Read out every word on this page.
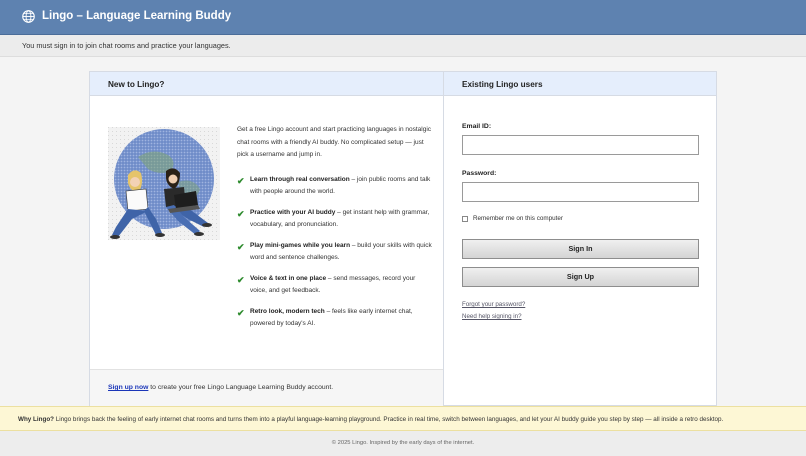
Lingo – Language Learning Buddy
You must sign in to join chat rooms and practice your languages.
New to Lingo?
Get a free Lingo account and start practicing languages in nostalgic chat rooms with a friendly AI buddy. No complicated setup — just pick a username and jump in.
✔ Learn through real conversation – join public rooms and talk with people around the world.
✔ Practice with your AI buddy – get instant help with grammar, vocabulary, and pronunciation.
✔ Play mini-games while you learn – build your skills with quick word and sentence challenges.
✔ Voice & text in one place – send messages, record your voice, and get feedback.
✔ Retro look, modern tech – feels like early internet chat, powered by today's AI.
Sign up now to create your free Lingo Language Learning Buddy account.
Existing Lingo users
Email ID:
Password:
Remember me on this computer
Sign In
Sign Up
Forgot your password?
Need help signing in?
Why Lingo? Lingo brings back the feeling of early internet chat rooms and turns them into a playful language-learning playground. Practice in real time, switch between languages, and let your AI buddy guide you step by step — all inside a retro desktop.
© 2025 Lingo. Inspired by the early days of the internet.
